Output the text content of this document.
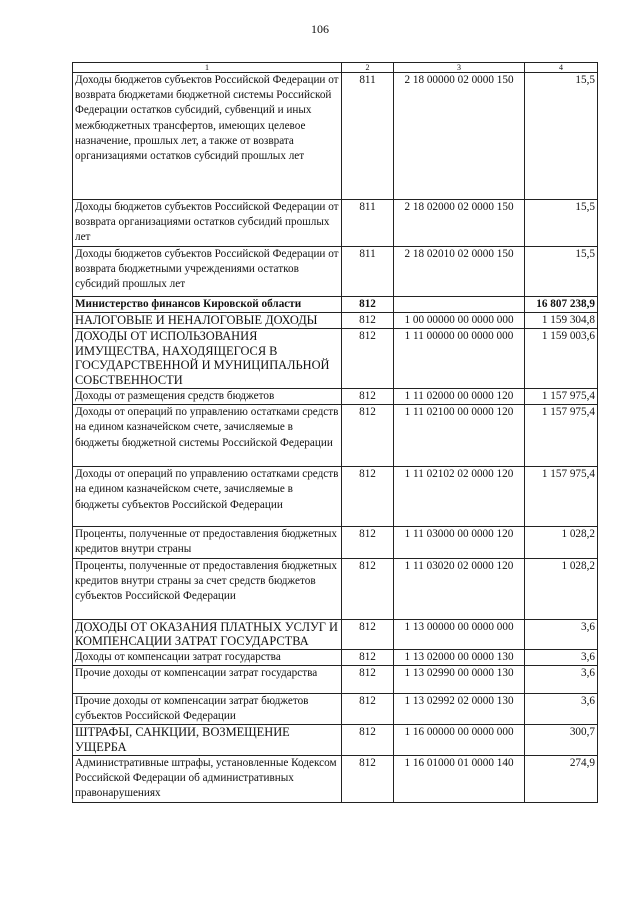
106
1	2	3	4
Доходы бюджетов субъектов Российской Федерации от возврата бюджетами бюджетной системы Российской Федерации остатков субсидий, субвенций и иных межбюджетных трансфертов, имеющих целевое назначение, прошлых лет, а также от возврата организациями остатков субсидий прошлых лет	811	2 18 00000 02 0000 150	15,5
Доходы бюджетов субъектов Российской Федерации от возврата организациями остатков субсидий прошлых лет	811	2 18 02000 02 0000 150	15,5
Доходы бюджетов субъектов Российской Федерации от возврата бюджетными учреждениями остатков субсидий прошлых лет	811	2 18 02010 02 0000 150	15,5
Министерство финансов Кировской области	812		16 807 238,9
НАЛОГОВЫЕ И НЕНАЛОГОВЫЕ ДОХОДЫ	812	1 00 00000 00 0000 000	1 159 304,8
ДОХОДЫ ОТ ИСПОЛЬЗОВАНИЯ ИМУЩЕСТВА, НАХОДЯЩЕГОСЯ В ГОСУДАРСТВЕННОЙ И МУНИЦИПАЛЬНОЙ СОБСТВЕННОСТИ	812	1 11 00000 00 0000 000	1 159 003,6
Доходы от размещения средств бюджетов	812	1 11 02000 00 0000 120	1 157 975,4
Доходы от операций по управлению остатками средств на едином казначейском счете, зачисляемые в бюджеты бюджетной системы Российской Федерации	812	1 11 02100 00 0000 120	1 157 975,4
Доходы от операций по управлению остатками средств на едином казначейском счете, зачисляемые в бюджеты субъектов Российской Федерации	812	1 11 02102 02 0000 120	1 157 975,4
Проценты, полученные от предоставления бюджетных кредитов внутри страны	812	1 11 03000 00 0000 120	1 028,2
Проценты, полученные от предоставления бюджетных кредитов внутри страны за счет средств бюджетов субъектов Российской Федерации	812	1 11 03020 02 0000 120	1 028,2
ДОХОДЫ ОТ ОКАЗАНИЯ ПЛАТНЫХ УСЛУГ И КОМПЕНСАЦИИ ЗАТРАТ ГОСУДАРСТВА	812	1 13 00000 00 0000 000	3,6
Доходы от компенсации затрат государства	812	1 13 02000 00 0000 130	3,6
Прочие доходы от компенсации затрат государства	812	1 13 02990 00 0000 130	3,6
Прочие доходы от компенсации затрат бюджетов субъектов Российской Федерации	812	1 13 02992 02 0000 130	3,6
ШТРАФЫ, САНКЦИИ, ВОЗМЕЩЕНИЕ УЩЕРБА	812	1 16 00000 00 0000 000	300,7
Административные штрафы, установленные Кодексом Российской Федерации об административных правонарушениях	812	1 16 01000 01 0000 140	274,9
